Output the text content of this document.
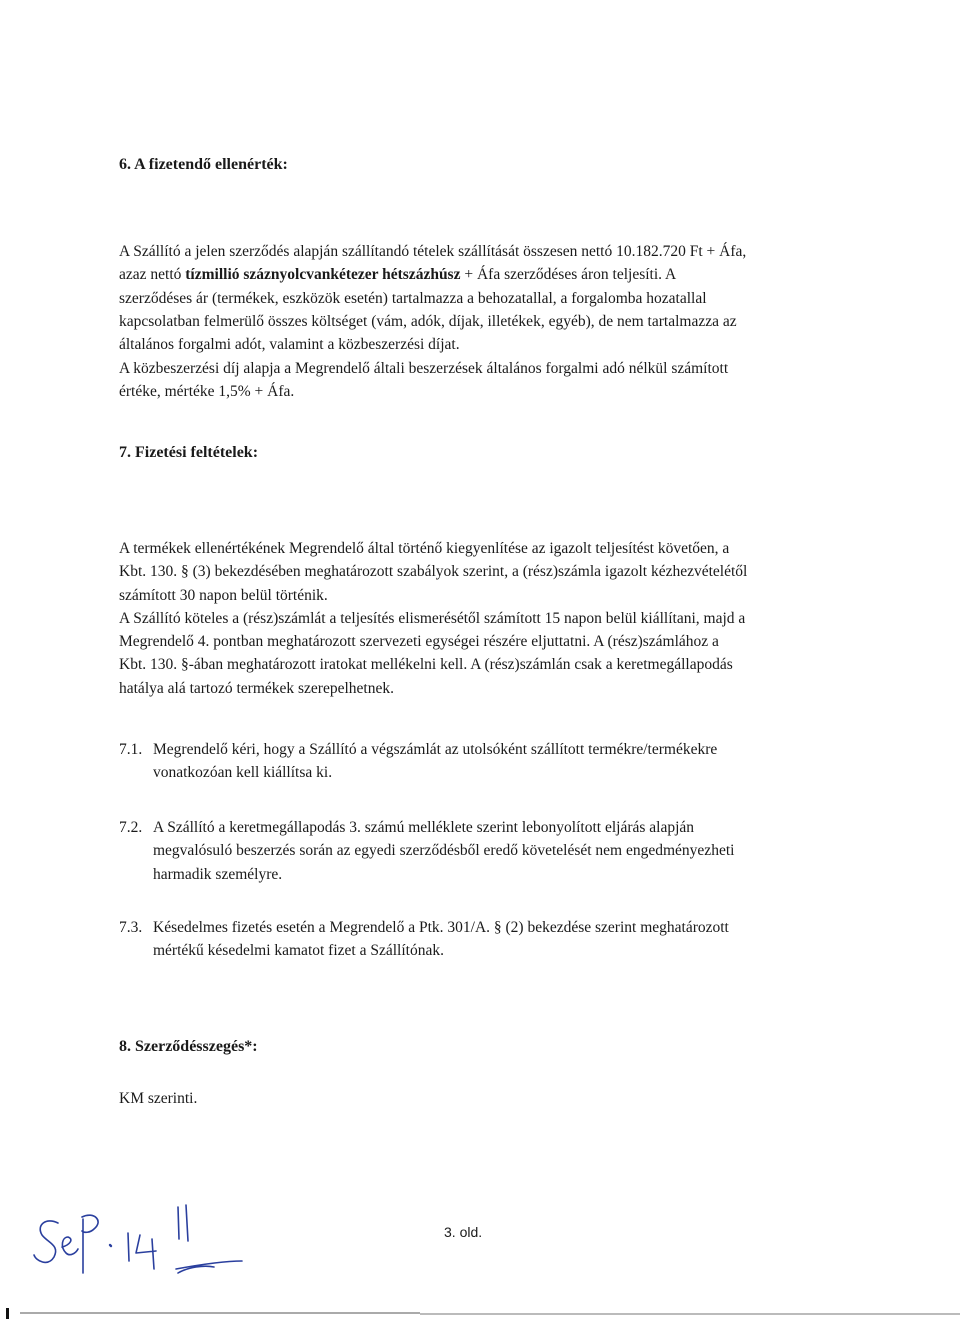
6. A fizetendő ellenérték:
A Szállító a jelen szerződés alapján szállítandó tételek szállítását összesen nettó 10.182.720 Ft + Áfa,
azaz nettó tízmillió száznyolcvankétezer hétszázhúsz + Áfa szerződéses áron teljesíti. A
szerződéses ár (termékek, eszközök esetén) tartalmazza a behozatallal, a forgalomba hozatallal
kapcsolatban felmerülő összes költséget (vám, adók, díjak, illetékek, egyéb), de nem tartalmazza az
általános forgalmi adót, valamint a közbeszerzési díjat.
A közbeszerzési díj alapja a Megrendelő általi beszerzések általános forgalmi adó nélkül számított
értéke, mértéke 1,5% + Áfa.
7. Fizetési feltételek:
A termékek ellenértékének Megrendelő által történő kiegyenlítése az igazolt teljesítést követően, a
Kbt. 130. § (3) bekezdésében meghatározott szabályok szerint, a (rész)számla igazolt kézhezvételétől
számított 30 napon belül történik.
A Szállító köteles a (rész)számlát a teljesítés elismerésétől számított 15 napon belül kiállítani, majd a
Megrendelő 4. pontban meghatározott szervezeti egységei részére eljuttatni. A (rész)számlához a
Kbt. 130. §-ában meghatározott iratokat mellékelni kell. A (rész)számlán csak a keretmegállapodás
hatálya alá tartozó termékek szerepelhetnek.
7.1. Megrendelő kéri, hogy a Szállító a végszámlát az utolsóként szállított termékre/termékekre
vonatkozóan kell kiállítsa ki.
7.2. A Szállító a keretmegállapodás 3. számú melléklete szerint lebonyolított eljárás alapján
megvalósuló beszerzés során az egyedi szerződésből eredő követelését nem engedményezheti
harmadik személyre.
7.3. Késedelmes fizetés esetén a Megrendelő a Ptk. 301/A. § (2) bekezdése szerint meghatározott
mértékű késedelmi kamatot fizet a Szállítónak.
8. Szerződésszegés*:
KM szerinti.
3. old.
